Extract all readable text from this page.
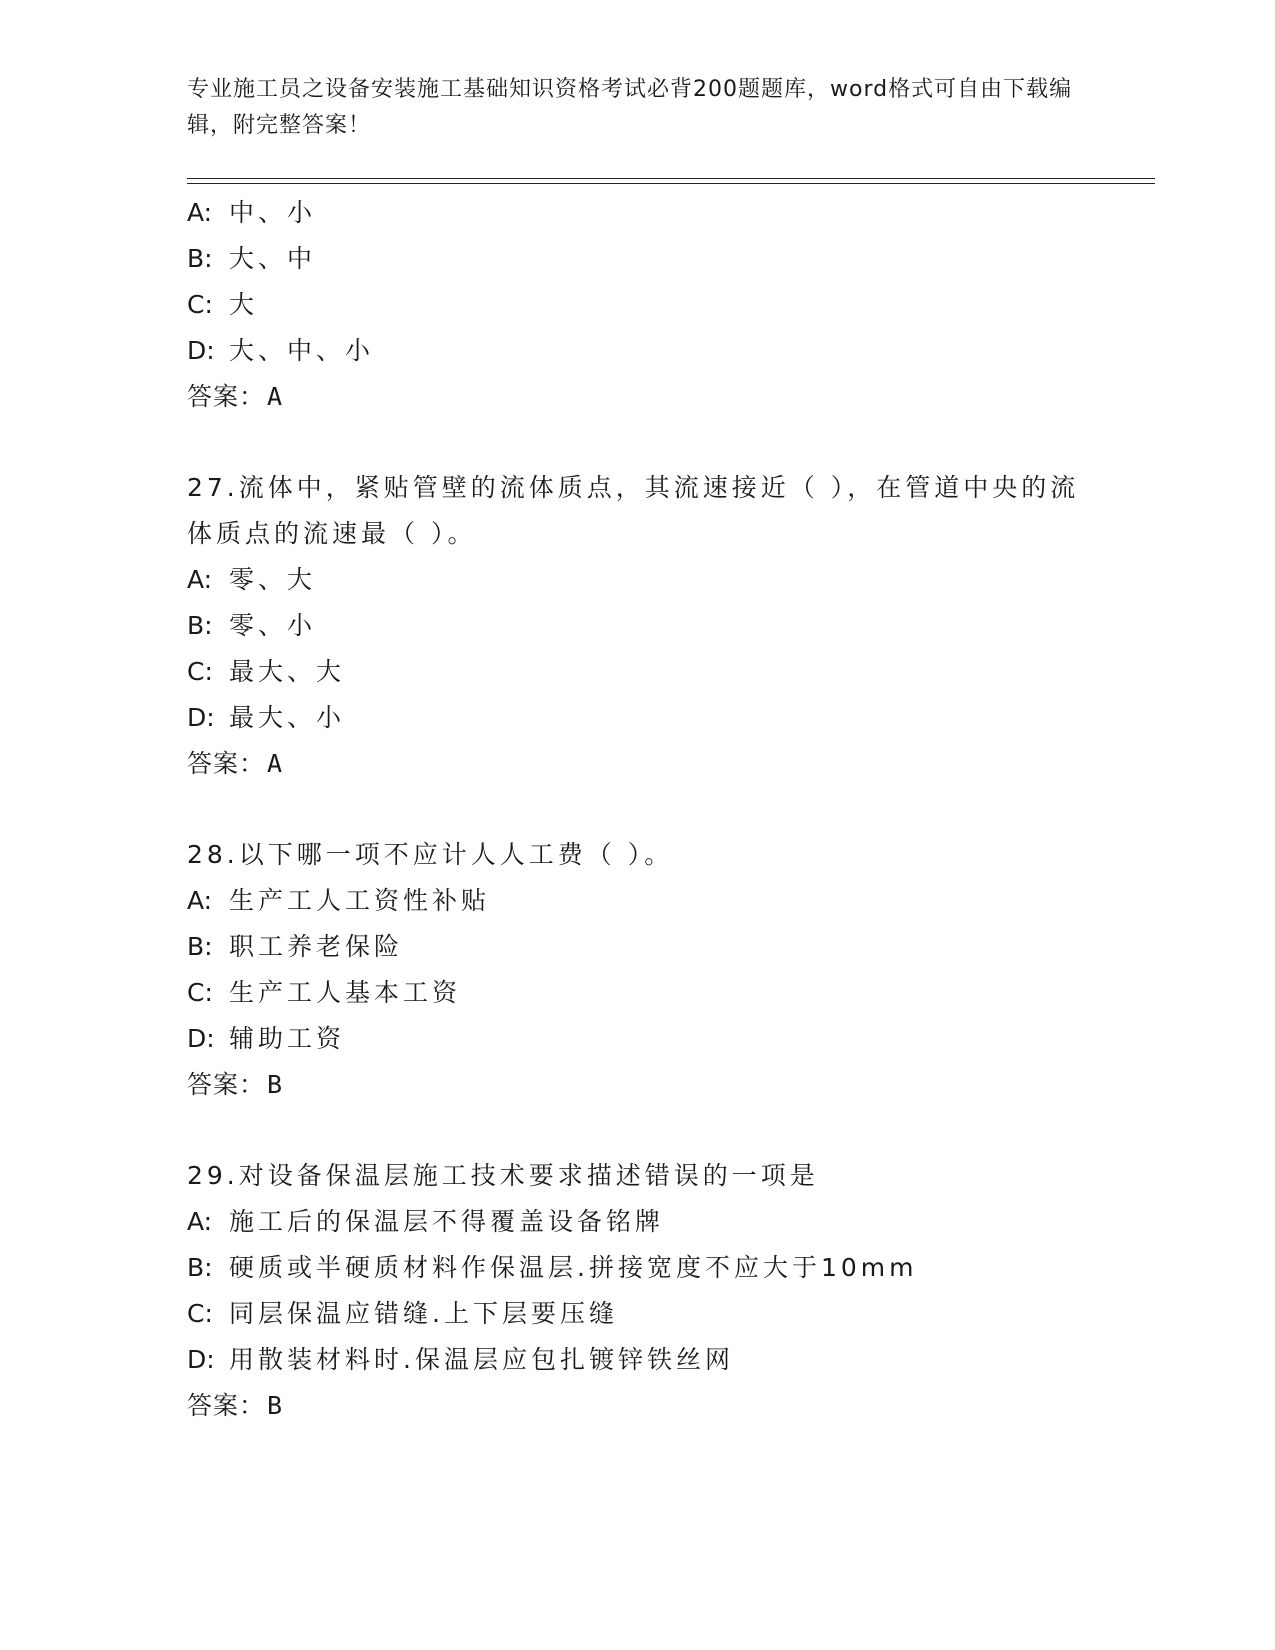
专业施工员之设备安装施工基础知识资格考试必背200题题库，word格式可自由下载编辑，附完整答案！
A: 中、小
B: 大、中
C: 大
D: 大、中、小
答案：A
27.流体中，紧贴管壁的流体质点，其流速接近（ ），在管道中央的流体质点的流速最（ ）。
A: 零、大
B: 零、小
C: 最大、大
D: 最大、小
答案：A
28.以下哪一项不应计人人工费（ ）。
A: 生产工人工资性补贴
B: 职工养老保险
C: 生产工人基本工资
D: 辅助工资
答案：B
29.对设备保温层施工技术要求描述错误的一项是
A: 施工后的保温层不得覆盖设备铭牌
B: 硬质或半硬质材料作保温层.拼接宽度不应大于10mm
C: 同层保温应错缝.上下层要压缝
D: 用散装材料时.保温层应包扎镀锌铁丝网
答案：B
